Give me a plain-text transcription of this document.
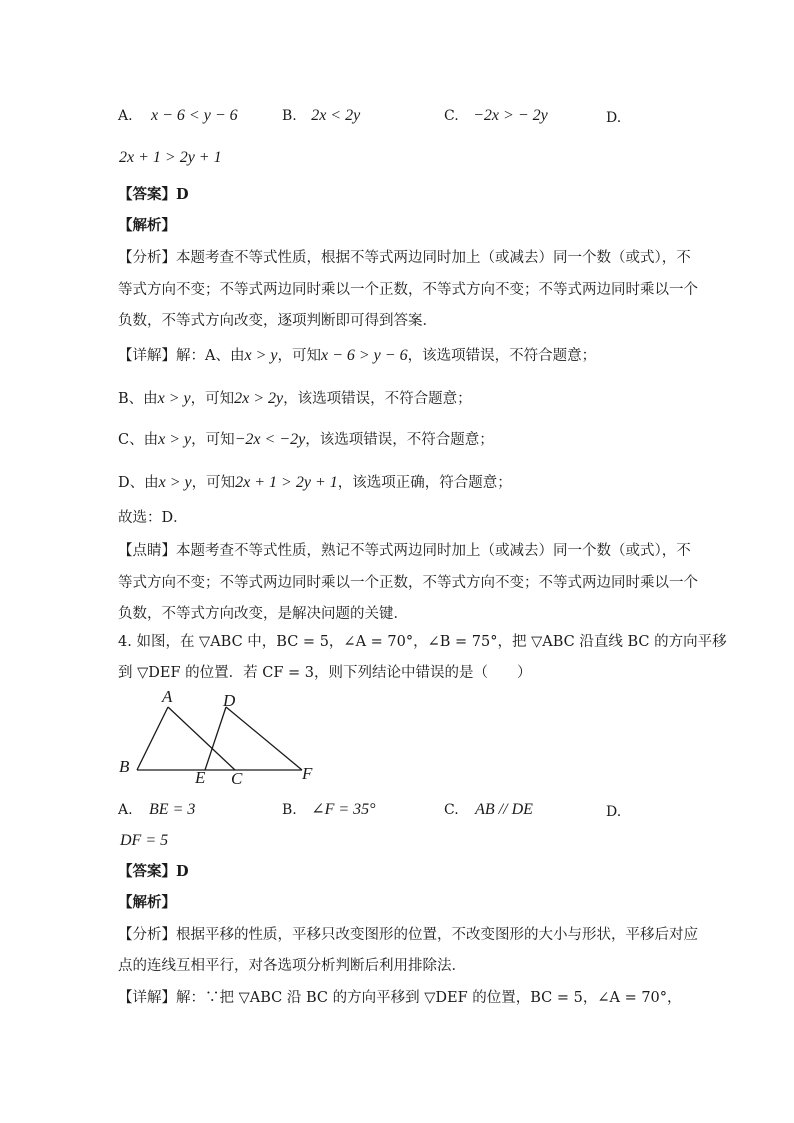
A. x − 6 < y − 6	B. 2x < 2y	C. −2x > − 2y	D.
2x + 1 > 2y + 1
【答案】D
【解析】
【分析】本题考查不等式性质，根据不等式两边同时加上（或减去）同一个数（或式），不
等式方向不变；不等式两边同时乘以一个正数，不等式方向不变；不等式两边同时乘以一个
负数，不等式方向改变，逐项判断即可得到答案．
【详解】解：A、由x > y，可知x − 6 > y − 6，该选项错误，不符合题意；
B、由x > y，可知2x > 2y，该选项错误，不符合题意；
C、由x > y，可知−2x < −2y，该选项错误，不符合题意；
D、由x > y，可知2x + 1 > 2y + 1，该选项正确，符合题意；
故选：D．
【点睛】本题考查不等式性质，熟记不等式两边同时加上（或减去）同一个数（或式），不
等式方向不变；不等式两边同时乘以一个正数，不等式方向不变；不等式两边同时乘以一个
负数，不等式方向改变，是解决问题的关键．
4. 如图，在 ▽ABC 中，BC = 5，∠A = 70°，∠B = 75°，把 ▽ABC 沿直线 BC 的方向平移
到 ▽DEF 的位置．若 CF = 3，则下列结论中错误的是（　　）
A	D
B
E C	F
A. BE = 3	B. ∠F = 35°	C. AB // DE	D.
DF = 5
【答案】D
【解析】
【分析】根据平移的性质，平移只改变图形的位置，不改变图形的大小与形状，平移后对应
点的连线互相平行，对各选项分析判断后利用排除法．
【详解】解：∵把 ▽ABC 沿 BC 的方向平移到 ▽DEF 的位置，BC = 5，∠A = 70°，
